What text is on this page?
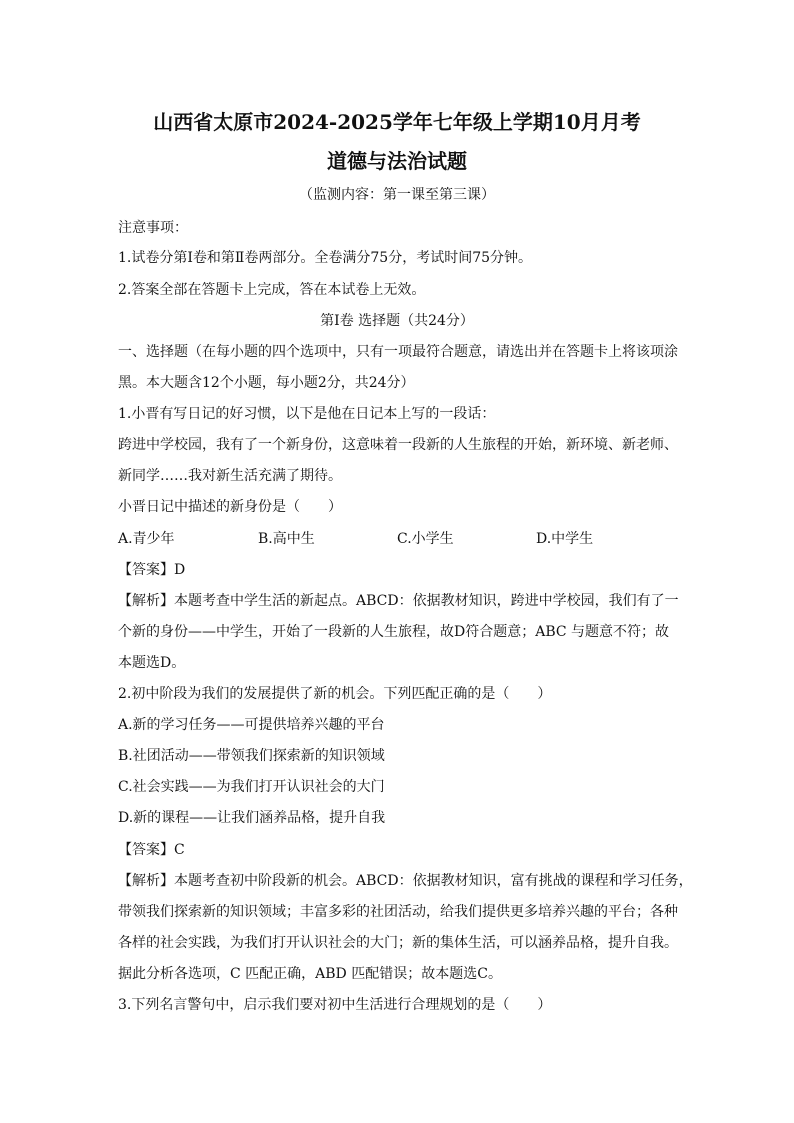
山西省太原市2024-2025学年七年级上学期10月月考
道德与法治试题
（监测内容：第一课至第三课）
注意事项：
1.试卷分第Ⅰ卷和第Ⅱ卷两部分。全卷满分75分，考试时间75分钟。
2.答案全部在答题卡上完成，答在本试卷上无效。
第Ⅰ卷 选择题（共24分）
一、选择题（在每小题的四个选项中，只有一项最符合题意，请选出并在答题卡上将该项涂
黑。本大题含12个小题，每小题2分，共24分）
1.小晋有写日记的好习惯，以下是他在日记本上写的一段话：
跨进中学校园，我有了一个新身份，这意味着一段新的人生旅程的开始，新环境、新老师、
新同学……我对新生活充满了期待。
小晋日记中描述的新身份是（　　）
A.青少年	B.高中生	C.小学生	D.中学生
【答案】D
【解析】本题考查中学生活的新起点。ABCD：依据教材知识，跨进中学校园，我们有了一
个新的身份——中学生，开始了一段新的人生旅程，故D符合题意；ABC 与题意不符；故
本题选D。
2.初中阶段为我们的发展提供了新的机会。下列匹配正确的是（　　）
A.新的学习任务——可提供培养兴趣的平台
B.社团活动——带领我们探索新的知识领域
C.社会实践——为我们打开认识社会的大门
D.新的课程——让我们涵养品格，提升自我
【答案】C
【解析】本题考查初中阶段新的机会。ABCD：依据教材知识，富有挑战的课程和学习任务，
带领我们探索新的知识领域；丰富多彩的社团活动，给我们提供更多培养兴趣的平台；各种
各样的社会实践，为我们打开认识社会的大门；新的集体生活，可以涵养品格，提升自我。
据此分析各选项，C 匹配正确，ABD 匹配错误；故本题选C。
3.下列名言警句中，启示我们要对初中生活进行合理规划的是（　　）
